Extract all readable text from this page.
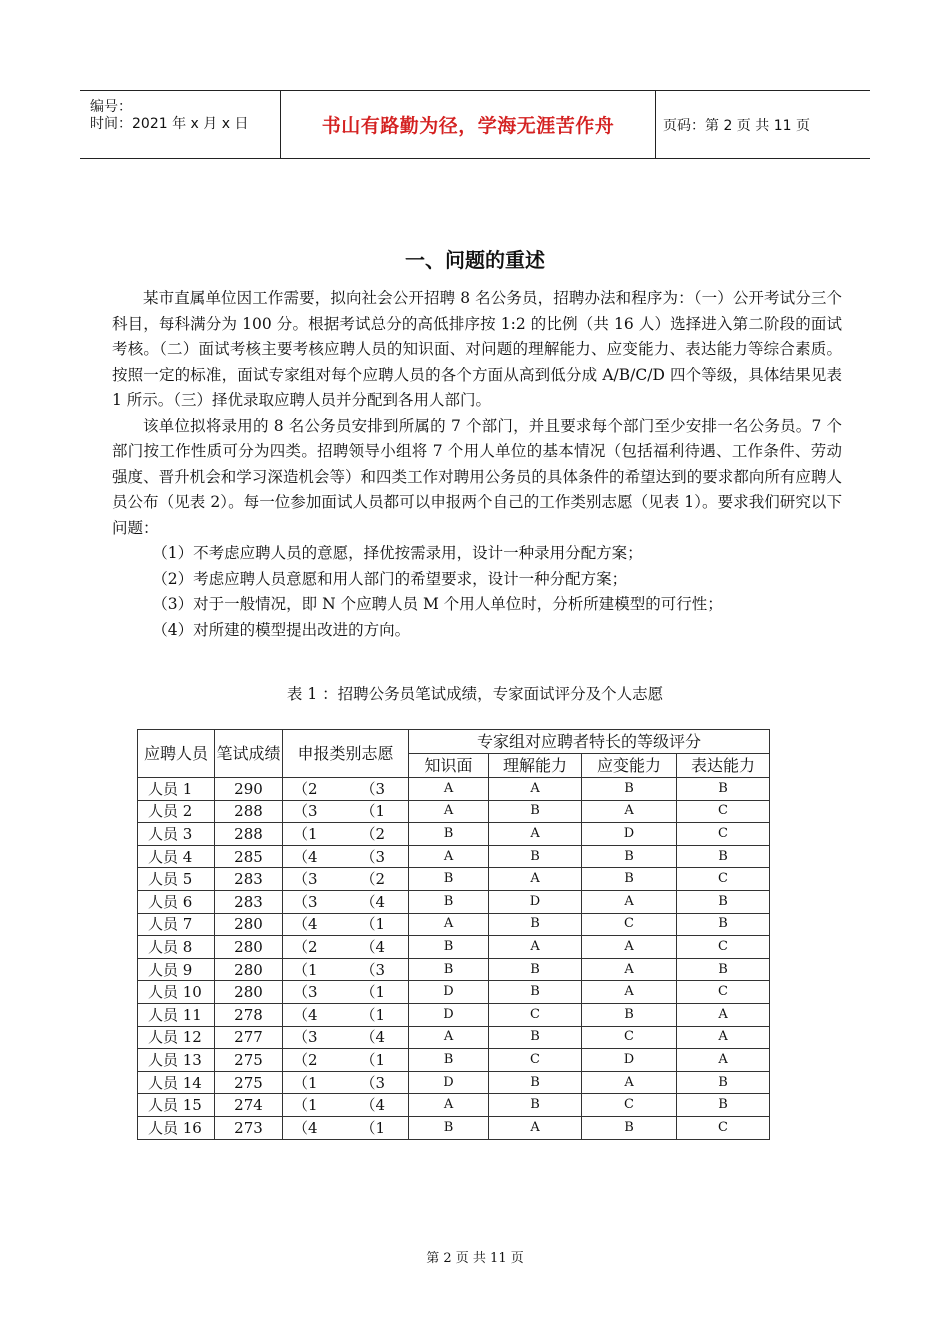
编号：
时间：2021 年 x 月 x 日	书山有路勤为径，学海无涯苦作舟	页码：第 2 页 共 11 页
一、问题的重述

某市直属单位因工作需要，拟向社会公开招聘 8 名公务员，招聘办法和程序为：（一）公开考试分三个科目，每科满分为 100 分。根据考试总分的高低排序按 1:2 的比例（共 16 人）选择进入第二阶段的面试考核。（二）面试考核主要考核应聘人员的知识面、对问题的理解能力、应变能力、表达能力等综合素质。按照一定的标准，面试专家组对每个应聘人员的各个方面从高到低分成 A/B/C/D 四个等级，具体结果见表 1 所示。（三）择优录取应聘人员并分配到各用人部门。

该单位拟将录用的 8 名公务员安排到所属的 7 个部门，并且要求每个部门至少安排一名公务员。7 个部门按工作性质可分为四类。招聘领导小组将 7 个用人单位的基本情况（包括福利待遇、工作条件、劳动强度、晋升机会和学习深造机会等）和四类工作对聘用公务员的具体条件的希望达到的要求都向所有应聘人员公布（见表 2）。每一位参加面试人员都可以申报两个自己的工作类别志愿（见表 1）。要求我们研究以下问题：

（1）不考虑应聘人员的意愿，择优按需录用，设计一种录用分配方案；

（2）考虑应聘人员意愿和用人部门的希望要求，设计一种分配方案；

（3）对于一般情况，即 N 个应聘人员 M 个用人单位时，分析所建模型的可行性；

（4）对所建的模型提出改进的方向。

表 1 ：招聘公务员笔试成绩，专家面试评分及个人志愿
应聘人员	笔试成绩	申报类别志愿		专家组对应聘者特长的等级评分			
				知识面	理解能力	应变能力	表达能力
人员 1	290	（2	（3	A	A	B	B
人员 2	288	（3	（1	A	B	A	C
人员 3	288	（1	（2	B	A	D	C
人员 4	285	（4	（3	A	B	B	B
人员 5	283	（3	（2	B	A	B	C
人员 6	283	（3	（4	B	D	A	B
人员 7	280	（4	（1	A	B	C	B
人员 8	280	（2	（4	B	A	A	C
人员 9	280	（1	（3	B	B	A	B
人员 10	280	（3	（1	D	B	A	C
人员 11	278	（4	（1	D	C	B	A
人员 12	277	（3	（4	A	B	C	A
人员 13	275	（2	（1	B	C	D	A
人员 14	275	（1	（3	D	B	A	B
人员 15	274	（1	（4	A	B	C	B
人员 16	273	（4	（1	B	A	B	C
第 2 页 共 11 页
